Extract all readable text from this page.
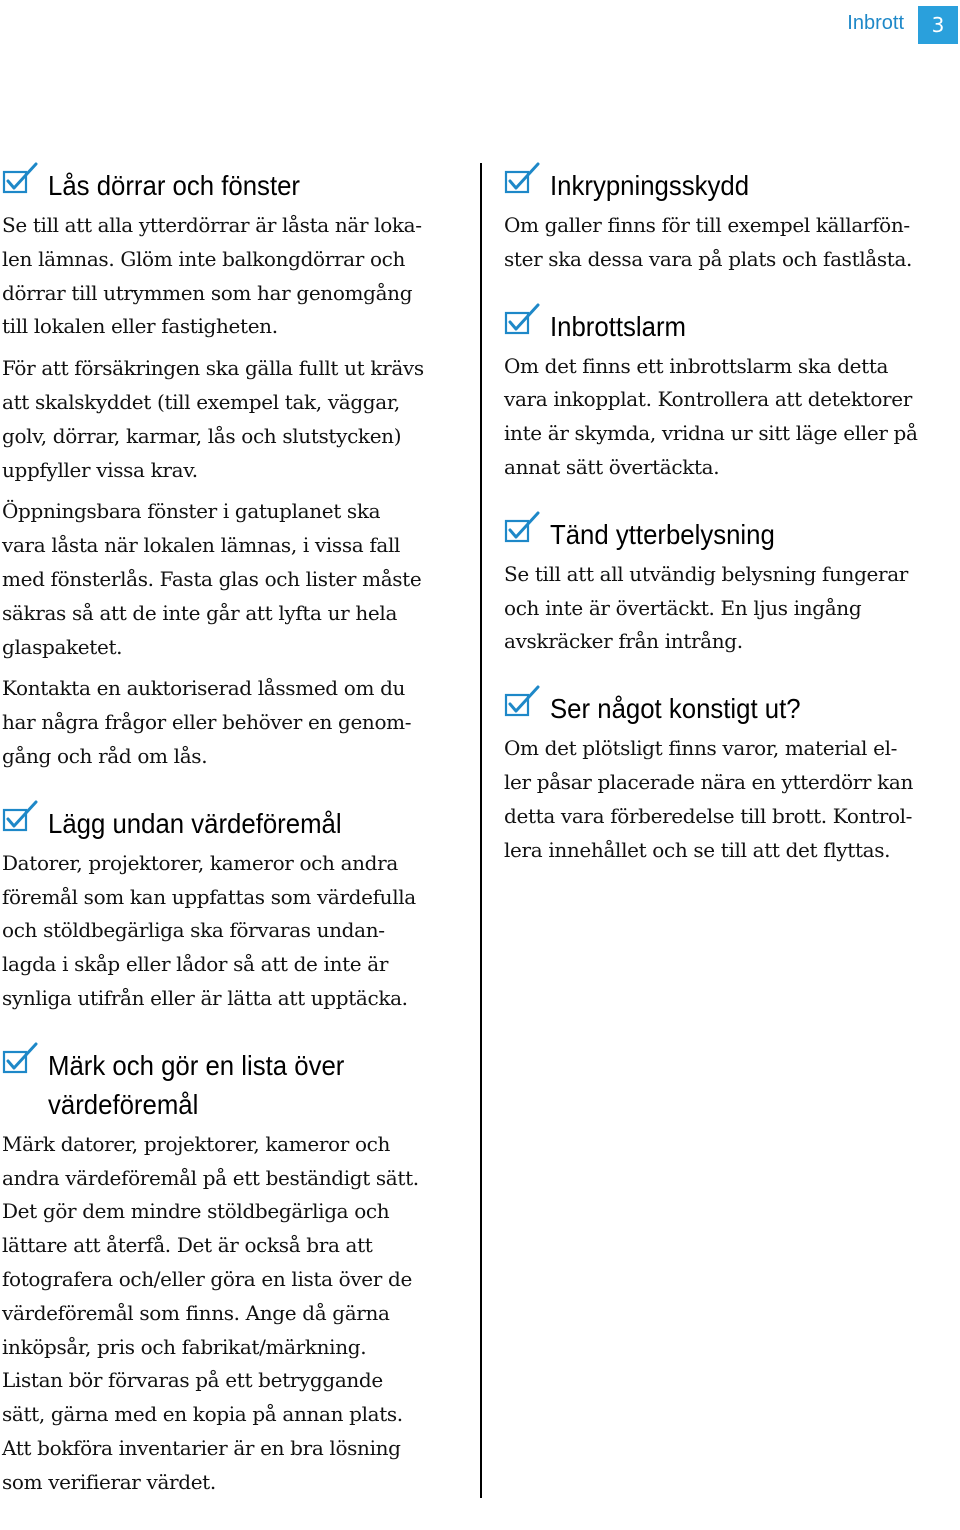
Inbrott	3
Lås dörrar och fönster
Se till att alla ytterdörrar är låsta när loka-
len lämnas. Glöm inte balkongdörrar och
dörrar till utrymmen som har genomgång
till lokalen eller fastigheten.
För att försäkringen ska gälla fullt ut krävs
att skalskyddet (till exempel tak, väggar,
golv, dörrar, karmar, lås och slutstycken)
uppfyller vissa krav.
Öppningsbara fönster i gatuplanet ska
vara låsta när lokalen lämnas, i vissa fall
med fönsterlås. Fasta glas och lister måste
säkras så att de inte går att lyfta ur hela
glaspaketet.
Kontakta en auktoriserad låssmed om du
har några frågor eller behöver en genom-
gång och råd om lås.
Lägg undan värdeföremål
Datorer, projektorer, kameror och andra
föremål som kan uppfattas som värdefulla
och stöldbegärliga ska förvaras undan-
lagda i skåp eller lådor så att de inte är
synliga utifrån eller är lätta att upptäcka.
Märk och gör en lista över
värdeföremål
Märk datorer, projektorer, kameror och
andra värdeföremål på ett beständigt sätt.
Det gör dem mindre stöldbegärliga och
lättare att återfå. Det är också bra att
fotografera och/eller göra en lista över de
värdeföremål som finns. Ange då gärna
inköpsår, pris och fabrikat/märkning.
Listan bör förvaras på ett betryggande
sätt, gärna med en kopia på annan plats.
Att bokföra inventarier är en bra lösning
som verifierar värdet.
Inkrypningsskydd
Om galler finns för till exempel källarfön-
ster ska dessa vara på plats och fastlåsta.
Inbrottslarm
Om det finns ett inbrottslarm ska detta
vara inkopplat. Kontrollera att detektorer
inte är skymda, vridna ur sitt läge eller på
annat sätt övertäckta.
Tänd ytterbelysning
Se till att all utvändig belysning fungerar
och inte är övertäckt. En ljus ingång
avskräcker från intrång.
Ser något konstigt ut?
Om det plötsligt finns varor, material el-
ler påsar placerade nära en ytterdörr kan
detta vara förberedelse till brott. Kontrol-
lera innehållet och se till att det flyttas.
